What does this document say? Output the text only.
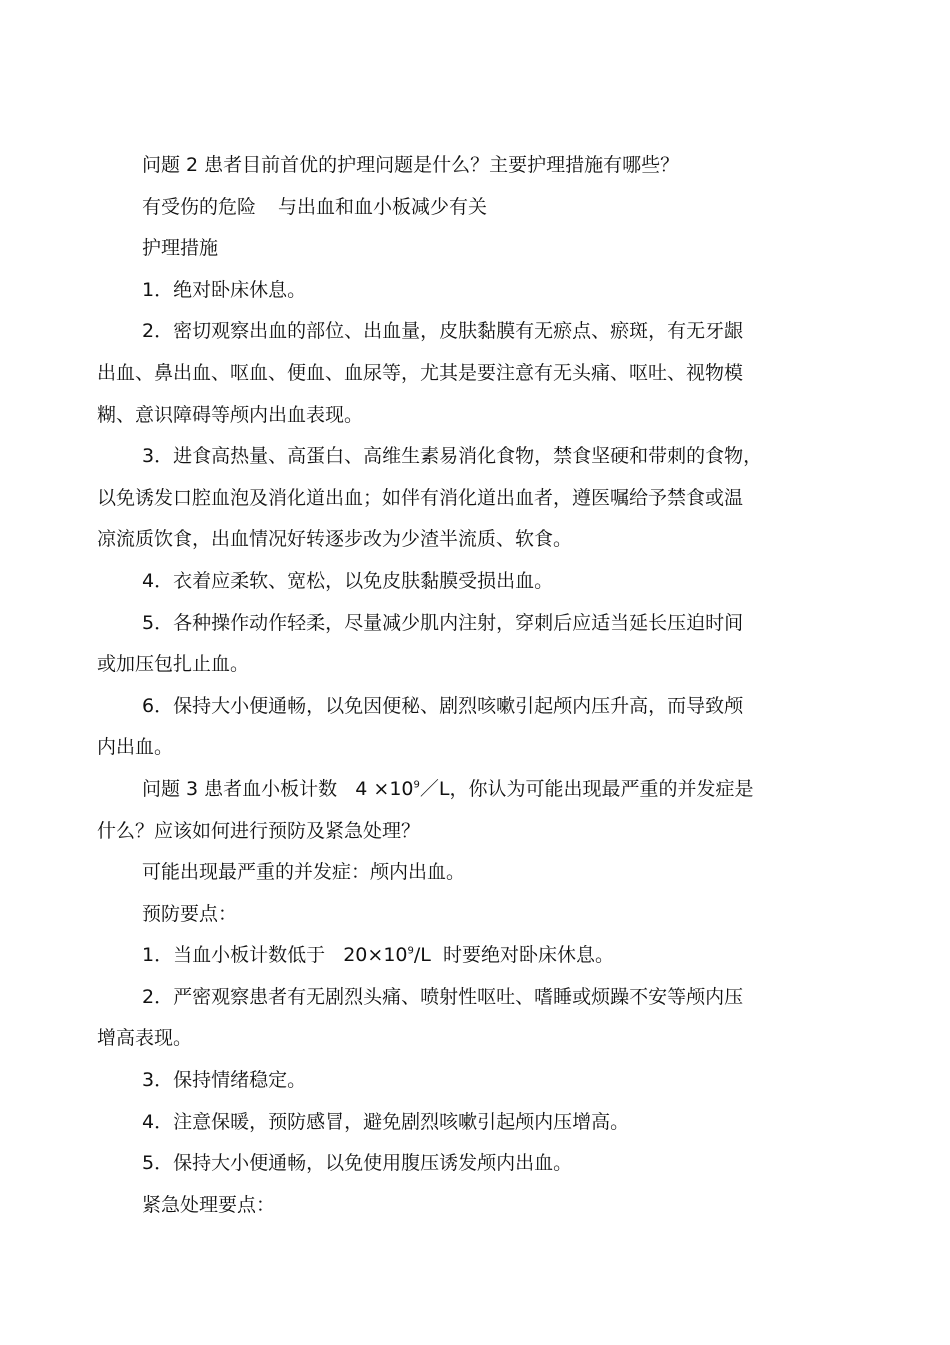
问题 2 患者目前首优的护理问题是什么？主要护理措施有哪些？

有受伤的危险 与出血和血小板减少有关

护理措施

1．绝对卧床休息。

2．密切观察出血的部位、出血量，皮肤黏膜有无瘀点、瘀斑，有无牙龈

出血、鼻出血、呕血、便血、血尿等，尤其是要注意有无头痛、呕吐、视物模

糊、意识障碍等颅内出血表现。

3．进食高热量、高蛋白、高维生素易消化食物，禁食坚硬和带刺的食物，

以免诱发口腔血泡及消化道出血；如伴有消化道出血者，遵医嘱给予禁食或温

凉流质饮食，出血情况好转逐步改为少渣半流质、软食。

4．衣着应柔软、宽松，以免皮肤黏膜受损出血。

5．各种操作动作轻柔，尽量减少肌内注射，穿刺后应适当延长压迫时间

或加压包扎止血。

6．保持大小便通畅，以免因便秘、剧烈咳嗽引起颅内压升高，而导致颅

内出血。

问题 3 患者血小板计数 $4 \times 10^9/L$，你认为可能出现最严重的并发症是

什么？应该如何进行预防及紧急处理？

可能出现最严重的并发症：颅内出血。

预防要点：

1．当血小板计数低于 $20\times 10^9/L$ 时要绝对卧床休息。

2．严密观察患者有无剧烈头痛、喷射性呕吐、嗜睡或烦躁不安等颅内压

增高表现。

3．保持情绪稳定。

4．注意保暖，预防感冒，避免剧烈咳嗽引起颅内压增高。

5．保持大小便通畅，以免使用腹压诱发颅内出血。

紧急处理要点：
